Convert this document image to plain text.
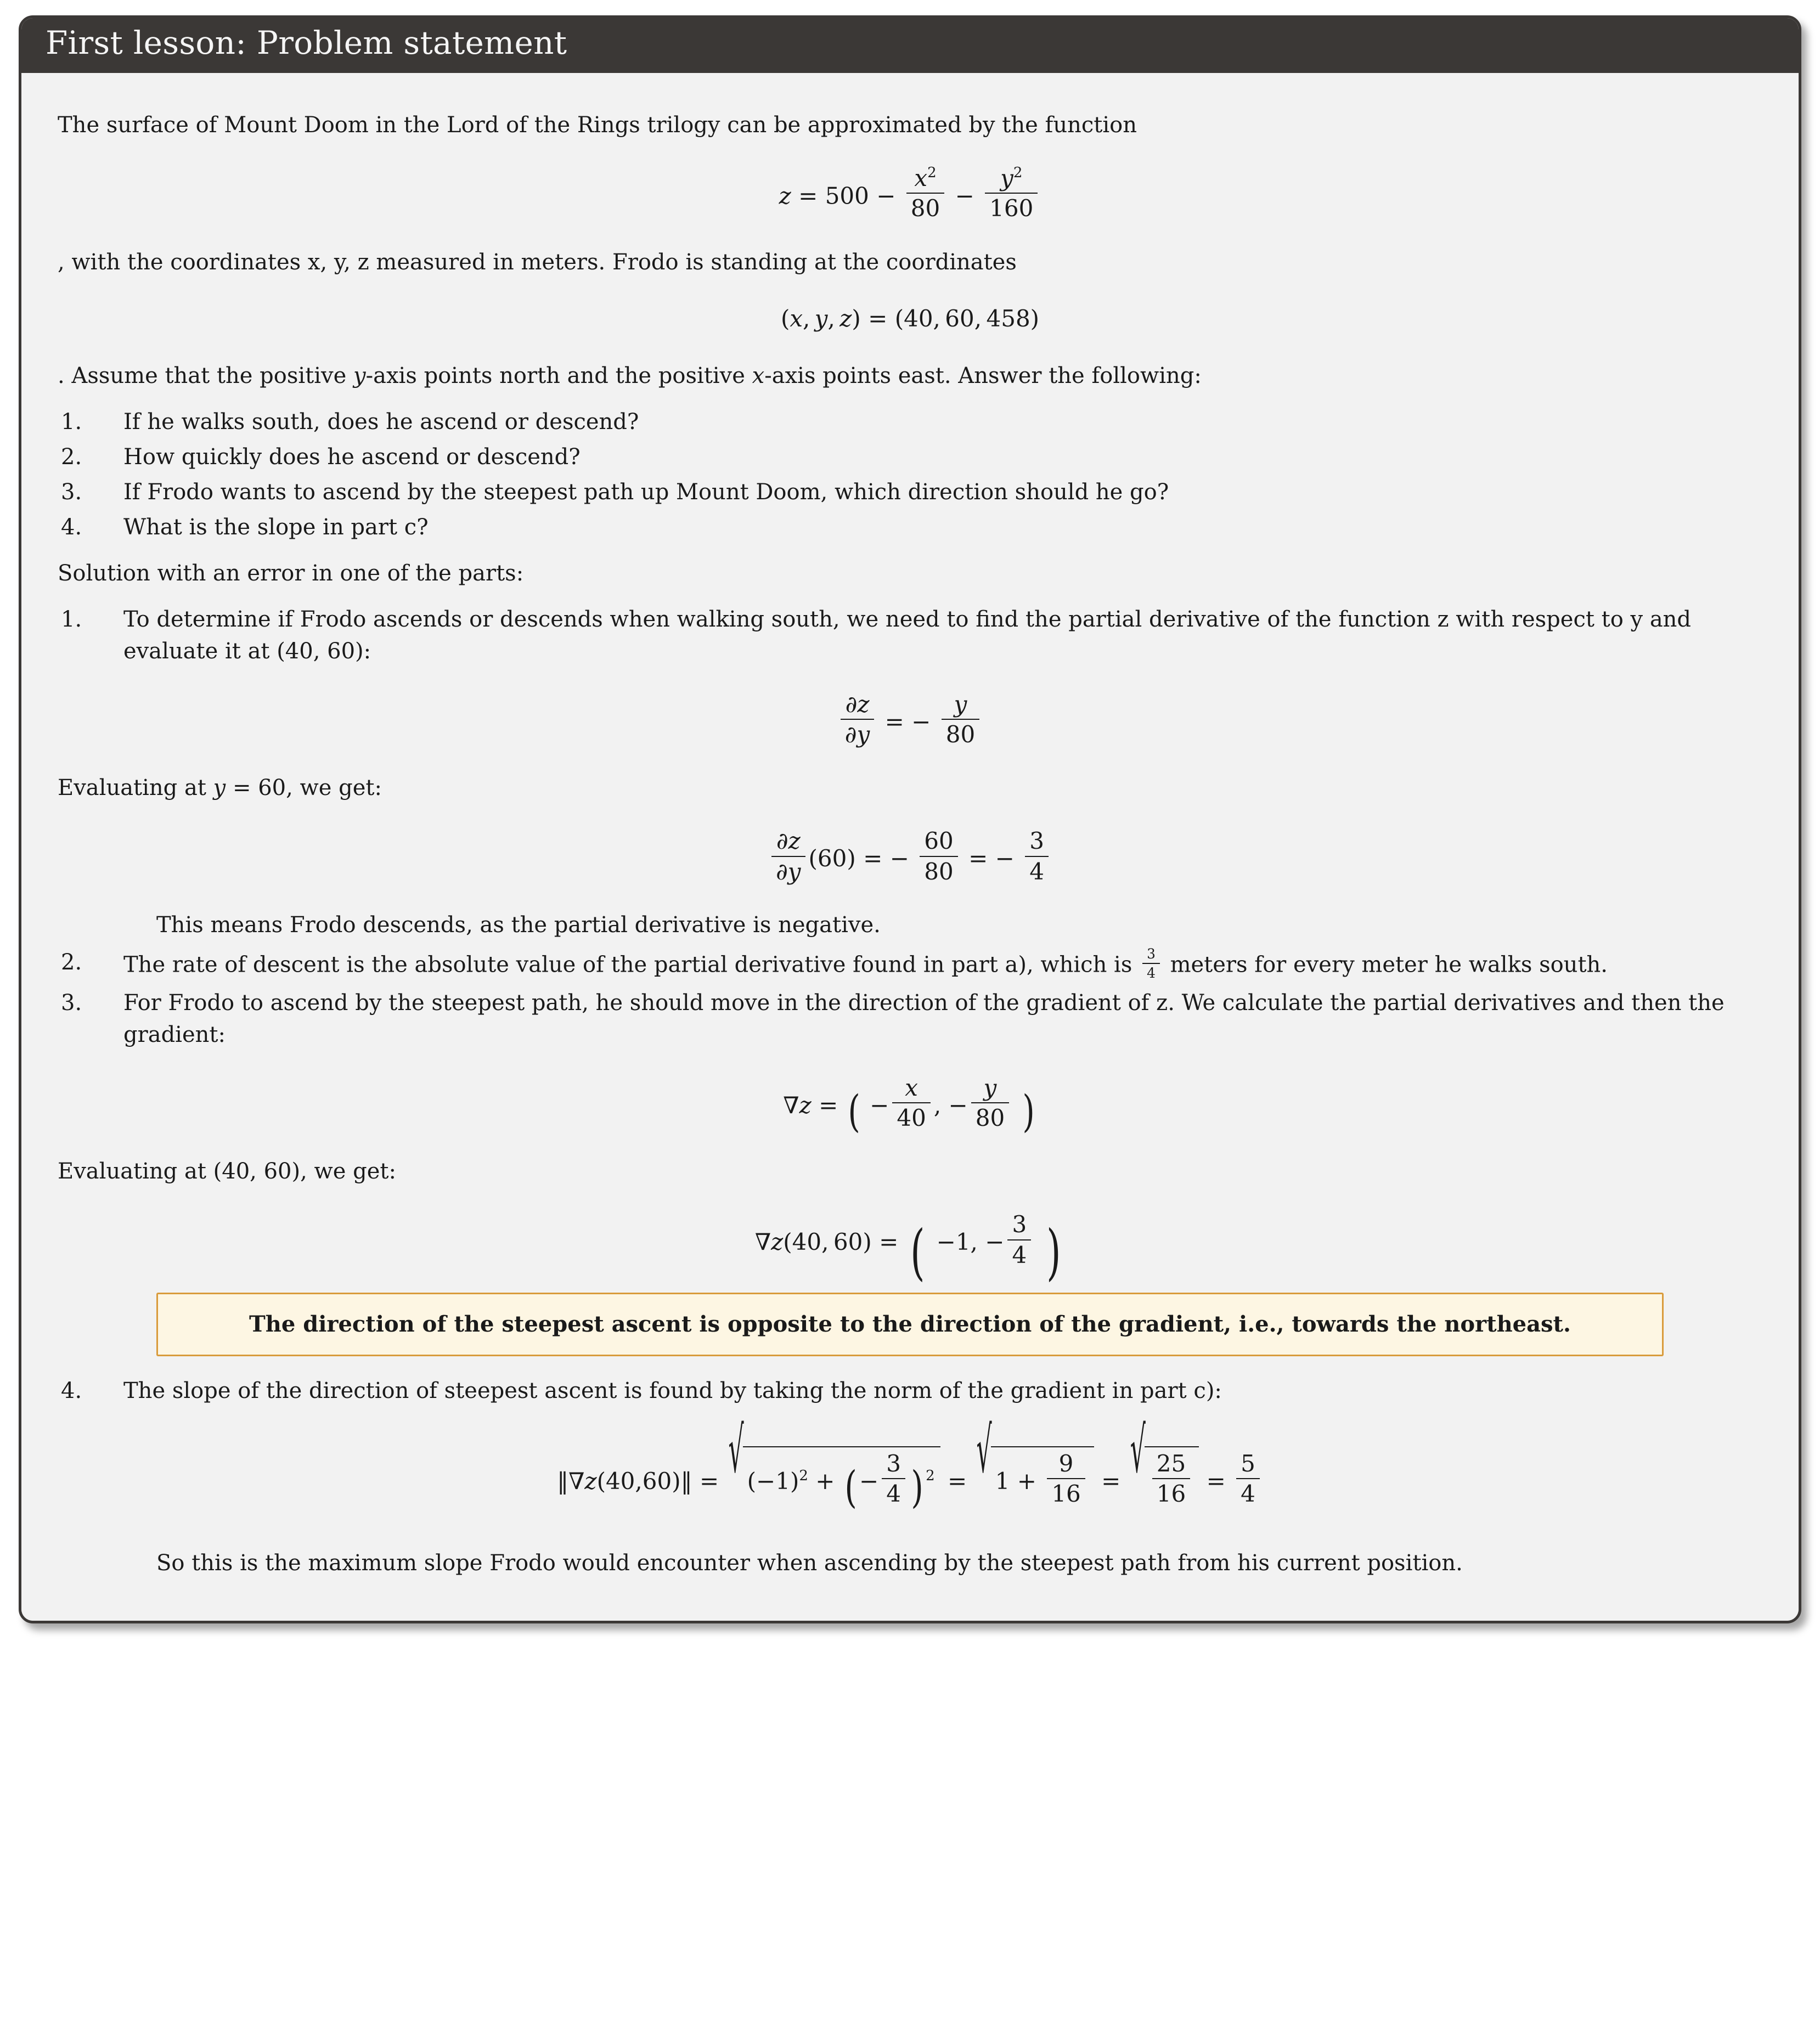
First lesson: Problem statement

The surface of Mount Doom in the Lord of the Rings trilogy can be approximated by the function

$z = 500 - \frac{x^2}{80} - \frac{y^2}{160}$

, with the coordinates x, y, z measured in meters. Frodo is standing at the coordinates

(x,  y,  z) = (40,  60,  458)

. Assume that the positive y-axis points north and the positive x-axis points east. Answer the following:

1.	If he walks south, does he ascend or descend?
2.	How quickly does he ascend or descend?
3.	If Frodo wants to ascend by the steepest path up Mount Doom, which direction should he go?
4.	What is the slope in part c?

Solution with an error in one of the parts:

1.	To determine if Frodo ascends or descends when walking south, we need to find the partial derivative of the function z with respect to y and evaluate it at (40, 60):
$\frac{\partial z}{\partial y}$ = − $\frac{y}{80}$
Evaluating at y = 60, we get:
$\frac{\partial z}{\partial y} (60)$ = − $\frac{60}{80}$ = − $\frac{3}{4}$
This means Frodo descends, as the partial derivative is negative.
2.	The rate of descent is the absolute value of the partial derivative found in part a), which is $\frac{3}{4}$ meters for every meter he walks south.
3.	For Frodo to ascend by the steepest path, he should move in the direction of the gradient of z. We calculate the partial derivatives and then the gradient:
∇z = ( − $\frac{x}{40}$ , − $\frac{y}{80}$ )
Evaluating at (40, 60), we get:
∇z(40,  60) = ( −1, − $\frac{3}{4}$ )
The direction of the steepest ascent is opposite to the direction of the gradient, i.e., towards the northeast.
4.	The slope of the direction of steepest ascent is found by taking the norm of the gradient in part c):
‖∇z(40,60)‖ = √ $(-1)^2$ + ( − $\frac{3}{4}$ ) $^2$ = √ $1 + \frac{9}{16}$ = √ $\frac{25}{16} = \frac{5}{4}$
So this is the maximum slope Frodo would encounter when ascending by the steepest path from his current position.
